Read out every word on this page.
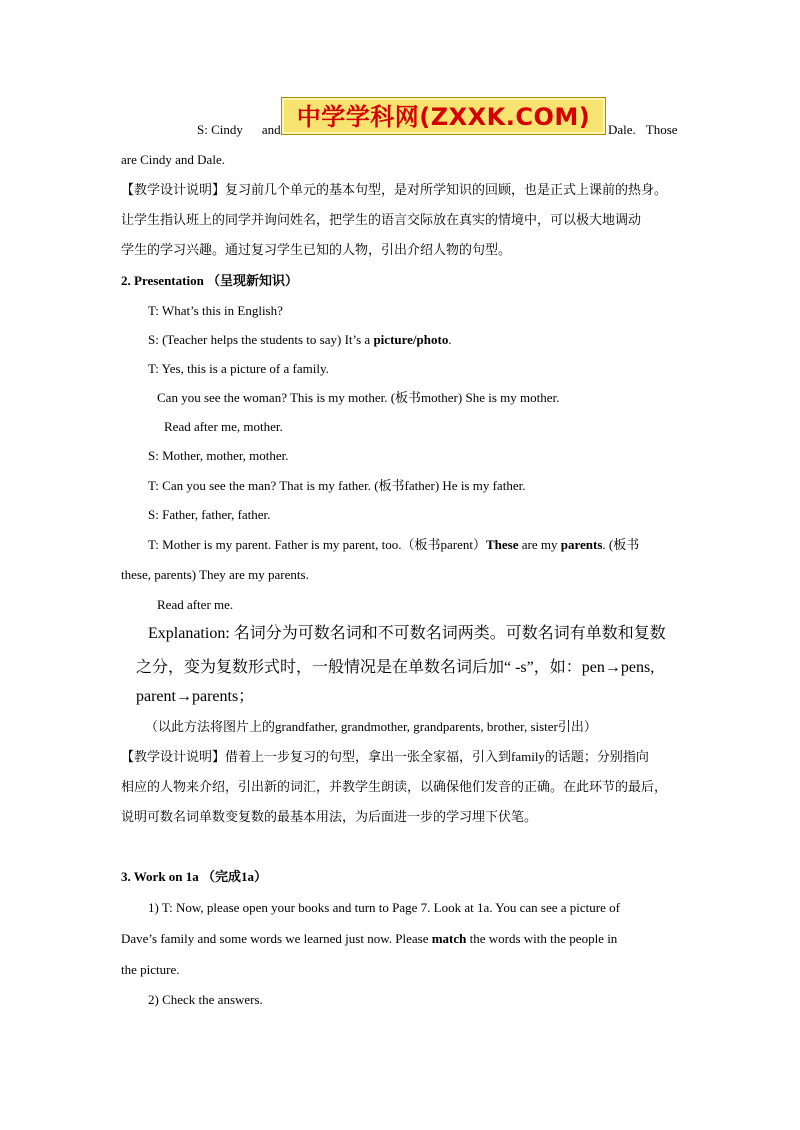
S: Cindy and 中学学科网(ZXXK.COM)	Dale. Those
are Cindy and Dale.
【教学设计说明】复习前几个单元的基本句型，是对所学知识的回顾，也是正式上课前的热身。
让学生指认班上的同学并询问姓名，把学生的语言交际放在真实的情境中，可以极大地调动
学生的学习兴趣。通过复习学生已知的人物，引出介绍人物的句型。
2. Presentation （呈现新知识）
T: What’s this in English?
S: (Teacher helps the students to say) It’s a picture/photo.
T: Yes, this is a picture of a family.
Can you see the woman? This is my mother. (板书mother) She is my mother.
Read after me, mother.
S: Mother, mother, mother.
T: Can you see the man? That is my father. (板书father) He is my father.
S: Father, father, father.
T: Mother is my parent. Father is my parent, too.（板书parent）These are my parents. (板书
these, parents) They are my parents.
Read after me.
Explanation: 名词分为可数名词和不可数名词两类。可数名词有单数和复数
之分，变为复数形式时，一般情况是在单数名词后加“ -s”，如：pen→pens,
parent→parents；
（以此方法将图片上的grandfather, grandmother, grandparents, brother, sister引出）
【教学设计说明】借着上一步复习的句型，拿出一张全家福，引入到family的话题；分别指向
相应的人物来介绍，引出新的词汇，并教学生朗读，以确保他们发音的正确。在此环节的最后，
说明可数名词单数变复数的最基本用法，为后面进一步的学习埋下伏笔。
3. Work on 1a （完成1a）
1) T: Now, please open your books and turn to Page 7. Look at 1a. You can see a picture of
Dave’s family and some words we learned just now. Please match the words with the people in
the picture.
2) Check the answers.
